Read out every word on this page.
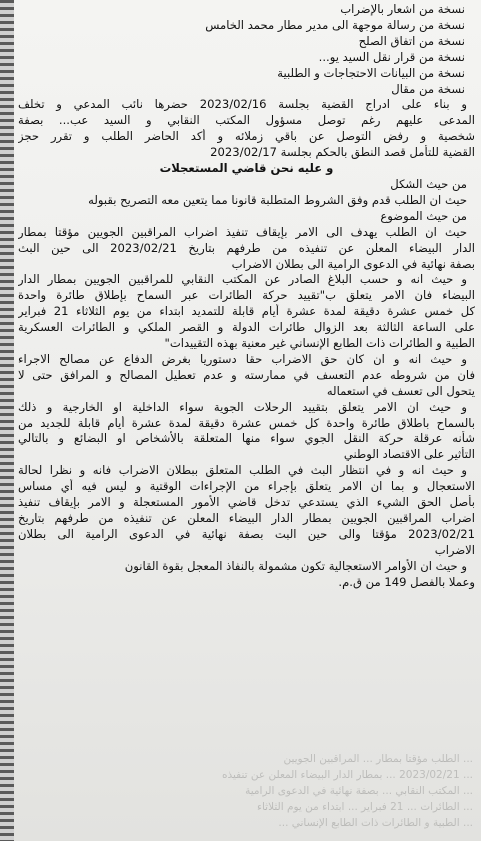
نسخة من اشعار بالإضراب
نسخة من رسالة موجهة الى مدير مطار محمد الخامس
نسخة من اتفاق الصلح
نسخة من قرار نقل السيد يو...
نسخة من البيانات الاحتجاجات و الطلبية
نسخة من مقال
و بناء على ادراج القضية بجلسة 2023/02/16 حضرها نائب المدعي و تخلف
المدعى عليهم رغم توصل مسؤول المكتب النقابي و السيد عب... بصفة
شخصية و رفض التوصل عن باقي زملائه و أكد الحاضر الطلب و تقرر حجز
القضية للتأمل قصد النطق بالحكم بجلسة 2023/02/17
و عليه نحن قاضي المستعجلات
من حيث الشكل
حيث ان الطلب قدم وفق الشروط المتطلبة قانونا مما يتعين معه التصريح بقبوله
من حيث الموضوع
حيث ان الطلب يهدف الى الامر بإيقاف تنفيذ اضراب المراقبين الجويين مؤقتا بمطار
الدار البيضاء المعلن عن تنفيذه من طرفهم بتاريخ 2023/02/21 الى حين البث
بصفة نهائية في الدعوى الرامية الى بطلان الاضراب
و حيث انه و حسب البلاغ الصادر عن المكتب النقابي للمراقبين الجويين بمطار الدار
البيضاء فان الامر يتعلق ب"تقييد حركة الطائرات عبر السماح بإطلاق طائرة واحدة
كل خمس عشرة دقيقة لمدة عشرة أيام قابلة للتمديد ابتداء من يوم الثلاثاء 21 فبراير
على الساعة الثالثة بعد الزوال طائرات الدولة و القصر الملكي و الطائرات العسكرية
الطبية و الطائرات ذات الطابع الإنساني غير معنية بهذه التقييدات"
و حيث انه و ان كان حق الاضراب حقا دستوريا بغرض الدفاع عن مصالح الاجراء
فان من شروطه عدم التعسف في ممارسته و عدم تعطيل المصالح و المرافق حتى لا
يتحول الى تعسف في استعماله
و حيث ان الامر يتعلق بتقييد الرحلات الجوية سواء الداخلية او الخارجية و ذلك
بالسماح باطلاق طائرة واحدة كل خمس عشرة دقيقة لمدة عشرة أيام قابلة للجديد من
شأنه عرقلة حركة النقل الجوي سواء منها المتعلقة بالأشخاص او البضائع و بالتالي
التأثير على الاقتصاد الوطني
و حيث انه و في انتظار البث في الطلب المتعلق ببطلان الاضراب فانه و نظرا لحالة
الاستعجال و بما ان الامر يتعلق بإجراء من الإجراءات الوقتية و ليس فيه أي مساس
بأصل الحق الشيء الذي يستدعي تدخل قاضي الأمور المستعجلة و الامر بإيقاف تنفيذ
اضراب المراقبين الجويين بمطار الدار البيضاء المعلن عن تنفيذه من طرفهم بتاريخ
2023/02/21 مؤقتا والى حين البت بصفة نهائية في الدعوى الرامية الى بطلان
الاضراب
و حيث ان الأوامر الاستعجالية تكون مشمولة بالنفاذ المعجل بقوة القانون
وعملا بالفصل 149 من ق.م.
... الطلب مؤقتا بمطار ... المراقبين الجويين
... 2023/02/21 ... بمطار الدار البيضاء المعلن عن تنفيذه
... المكتب النقابي ... بصفة نهائية في الدعوى الرامية
... الطائرات ... 21 فبراير ... ابتداء من يوم الثلاثاء
... الطبية و الطائرات ذات الطابع الإنساني ...
